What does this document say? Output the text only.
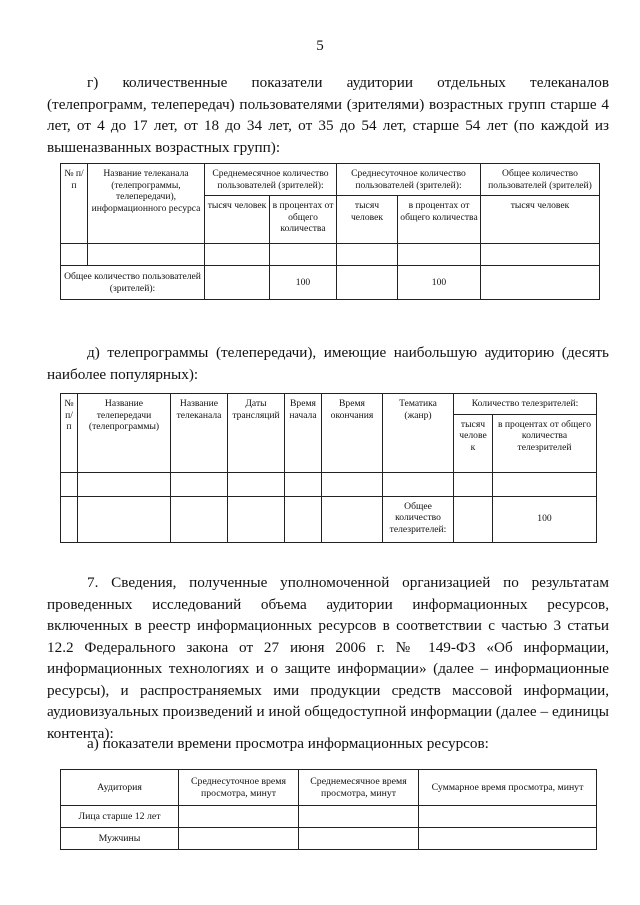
5
г) количественные показатели аудитории отдельных телеканалов (телепрограмм, телепередач) пользователями (зрителями) возрастных групп старше 4 лет, от 4 до 17 лет, от 18 до 34 лет, от 35 до 54 лет, старше 54 лет (по каждой из вышеназванных возрастных групп):
№ п/п	Название телеканала (телепрограммы, телепередачи), информационного ресурса	Среднемесячное количество пользователей (зрителей):		Среднесуточное количество пользователей (зрителей):		Общее количество пользователей (зрителей)
		тысяч человек	в процентах от общего количества	тысяч человек	в процентах от общего количества	тысяч человек

Общее количество пользователей (зрителей):			100		100	
д) телепрограммы (телепередачи), имеющие наибольшую аудиторию (десять наиболее популярных):
№ п/ п	Название телепередачи (телепрограммы)	Название телеканала	Даты трансляций	Время начала	Время окончания	Тематика (жанр)	Количество телезрителей:	
							тысяч челове к	в процентах от общего количества телезрителей

						Общее количество телезрителей:		100
7. Сведения, полученные уполномоченной организацией по результатам проведенных исследований объема аудитории информационных ресурсов, включенных в реестр информационных ресурсов в соответствии с частью 3 статьи 12.2 Федерального закона от 27 июня 2006 г. № 149-ФЗ «Об информации, информационных технологиях и о защите информации» (далее – информационные ресурсы), и распространяемых ими продукции средств массовой информации, аудиовизуальных произведений и иной общедоступной информации (далее – единицы контента):
а) показатели времени просмотра информационных ресурсов:
Аудитория	Среднесуточное время просмотра, минут	Среднемесячное время просмотра, минут	Суммарное время просмотра, минут
Лица старше 12 лет			
Мужчины			
